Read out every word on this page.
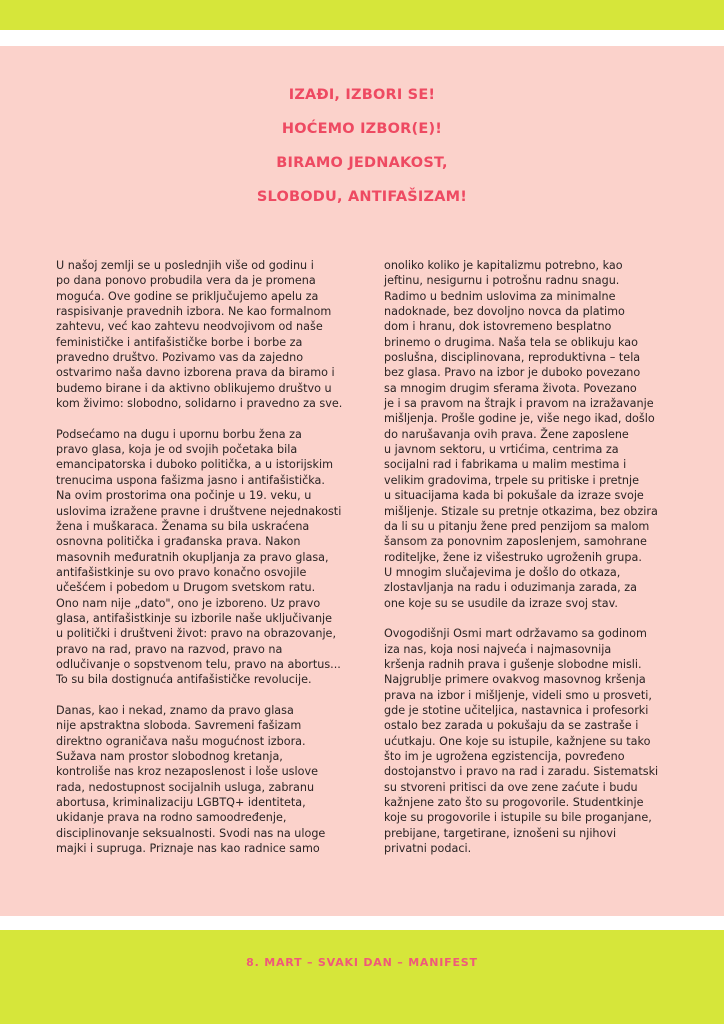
IZAĐI, IZBORI SE!
HOĆEMO IZBOR(E)!
BIRAMO JEDNAKOST,
SLOBODU, ANTIFAŠIZAM!
U našoj zemlji se u poslednjih više od godinu i
po dana ponovo probudila vera da je promena
moguća. Ove godine se priključujemo apelu za
raspisivanje pravednih izbora. Ne kao formalnom
zahtevu, već kao zahtevu neodvojivom od naše
feminističke i antifašističke borbe i borbe za
pravedno društvo. Pozivamo vas da zajedno
ostvarimo naša davno izborena prava da biramo i
budemo birane i da aktivno oblikujemo društvo u
kom živimo: slobodno, solidarno i pravedno za sve.
Podsećamo na dugu i upornu borbu žena za
pravo glasa, koja je od svojih početaka bila
emancipatorska i duboko politička, a u istorijskim
trenucima uspona fašizma jasno i antifašistička.
Na ovim prostorima ona počinje u 19. veku, u
uslovima izražene pravne i društvene nejednakosti
žena i muškaraca. Ženama su bila uskraćena
osnovna politička i građanska prava. Nakon
masovnih međuratnih okupljanja za pravo glasa,
antifašistkinje su ovo pravo konačno osvojile
učešćem i pobedom u Drugom svetskom ratu.
Ono nam nije „dato", ono je izboreno. Uz pravo
glasa, antifašistkinje su izborile naše uključivanje
u politički i društveni život: pravo na obrazovanje,
pravo na rad, pravo na razvod, pravo na
odlučivanje o sopstvenom telu, pravo na abortus...
To su bila dostignuća antifašističke revolucije.
Danas, kao i nekad, znamo da pravo glasa
nije apstraktna sloboda. Savremeni fašizam
direktno ograničava našu mogućnost izbora.
Sužava nam prostor slobodnog kretanja,
kontroliše nas kroz nezaposlenost i loše uslove
rada, nedostupnost socijalnih usluga, zabranu
abortusa, kriminalizaciju LGBTQ+ identiteta,
ukidanje prava na rodno samoodređenje,
disciplinovanje seksualnosti. Svodi nas na uloge
majki i supruga. Priznaje nas kao radnice samo
onoliko koliko je kapitalizmu potrebno, kao
jeftinu, nesigurnu i potrošnu radnu snagu.
Radimo u bednim uslovima za minimalne
nadoknade, bez dovoljno novca da platimo
dom i hranu, dok istovremeno besplatno
brinemo o drugima. Naša tela se oblikuju kao
poslušna, disciplinovana, reproduktivna – tela
bez glasa. Pravo na izbor je duboko povezano
sa mnogim drugim sferama života. Povezano
je i sa pravom na štrajk i pravom na izražavanje
mišljenja. Prošle godine je, više nego ikad, došlo
do narušavanja ovih prava. Žene zaposlene
u javnom sektoru, u vrtićima, centrima za
socijalni rad i fabrikama u malim mestima i
velikim gradovima, trpele su pritiske i pretnje
u situacijama kada bi pokušale da izraze svoje
mišljenje. Stizale su pretnje otkazima, bez obzira
da li su u pitanju žene pred penzijom sa malom
šansom za ponovnim zaposlenjem, samohrane
roditeljke, žene iz višestruko ugroženih grupa.
U mnogim slučajevima je došlo do otkaza,
zlostavljanja na radu i oduzimanja zarada, za
one koje su se usudile da izraze svoj stav.
Ovogodišnji Osmi mart održavamo sa godinom
iza nas, koja nosi najveća i najmasovnija
kršenja radnih prava i gušenje slobodne misli.
Najgrublje primere ovakvog masovnog kršenja
prava na izbor i mišljenje, videli smo u prosveti,
gde je stotine učiteljica, nastavnica i profesorki
ostalo bez zarada u pokušaju da se zastraše i
ućutkaju. One koje su istupile, kažnjene su tako
što im je ugrožena egzistencija, povređeno
dostojanstvo i pravo na rad i zaradu. Sistematski
su stvoreni pritisci da ove zene zaćute i budu
kažnjene zato što su progovorile. Studentkinje
koje su progovorile i istupile su bile proganjane,
prebijane, targetirane, iznošeni su njihovi
privatni podaci.
8. MART – SVAKI DAN – MANIFEST
